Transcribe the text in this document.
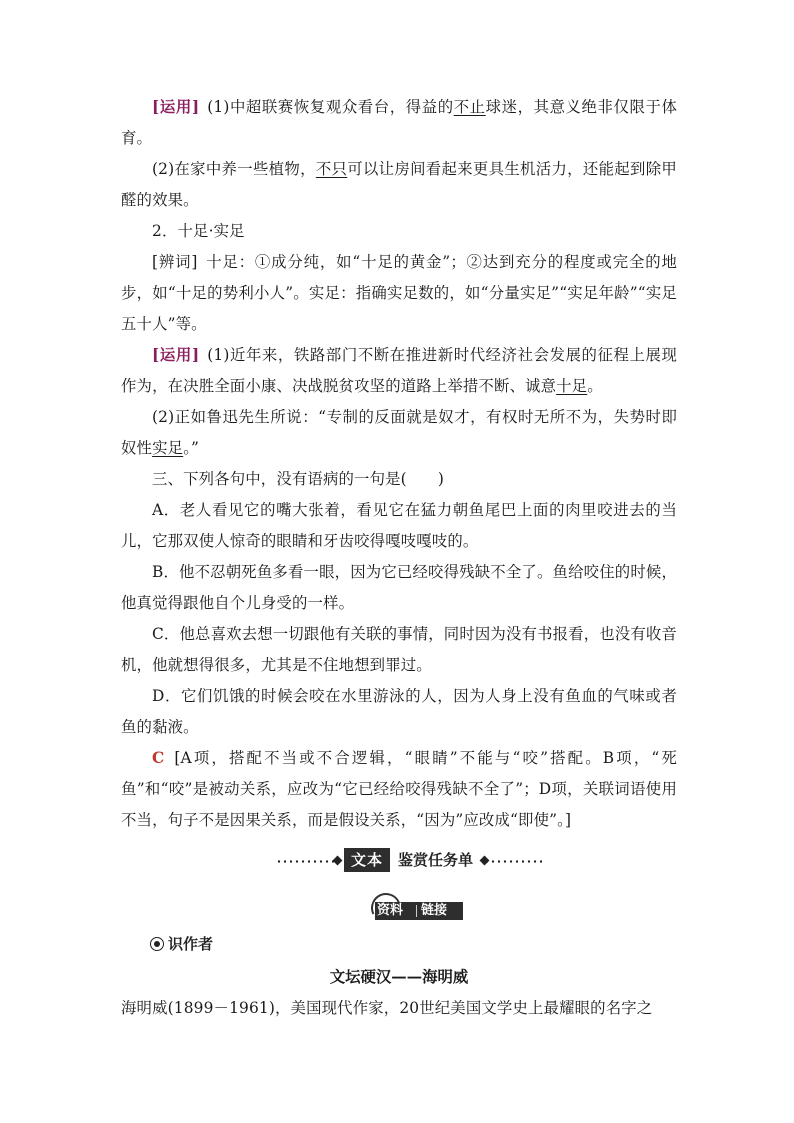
[运用] (1)中超联赛恢复观众看台，得益的不止球迷，其意义绝非仅限于体育。

(2)在家中养一些植物，不只可以让房间看起来更具生机活力，还能起到除甲醛的效果。

2．十足·实足

[辨词] 十足：①成分纯，如“十足的黄金”；②达到充分的程度或完全的地步，如“十足的势利小人”。实足：指确实足数的，如“分量实足”“实足年龄”“实足五十人”等。

[运用] (1)近年来，铁路部门不断在推进新时代经济社会发展的征程上展现作为，在决胜全面小康、决战脱贫攻坚的道路上举措不断、诚意十足。

(2)正如鲁迅先生所说：“专制的反面就是奴才，有权时无所不为，失势时即奴性实足。”

三、下列各句中，没有语病的一句是(　　)

A．老人看见它的嘴大张着，看见它在猛力朝鱼尾巴上面的肉里咬进去的当儿，它那双使人惊奇的眼睛和牙齿咬得嘎吱嘎吱的。

B．他不忍朝死鱼多看一眼，因为它已经咬得残缺不全了。鱼给咬住的时候，他真觉得跟他自个儿身受的一样。

C．他总喜欢去想一切跟他有关联的事情，同时因为没有书报看，也没有收音机，他就想得很多，尤其是不住地想到罪过。

D．它们饥饿的时候会咬在水里游泳的人，因为人身上没有鱼血的气味或者鱼的黏液。

C [A项，搭配不当或不合逻辑，“眼睛”不能与“咬”搭配。B项，“死鱼”和“咬”是被动关系，应改为“它已经给咬得残缺不全了”；D项，关联词语使用不当，句子不是因果关系，而是假设关系，“因为”应改成“即使”。]

文本	鉴赏任务单
资料 链接
识作者
文坛硬汉——海明威

海明威(1899－1961)，美国现代作家，20世纪美国文学史上最耀眼的名字之
